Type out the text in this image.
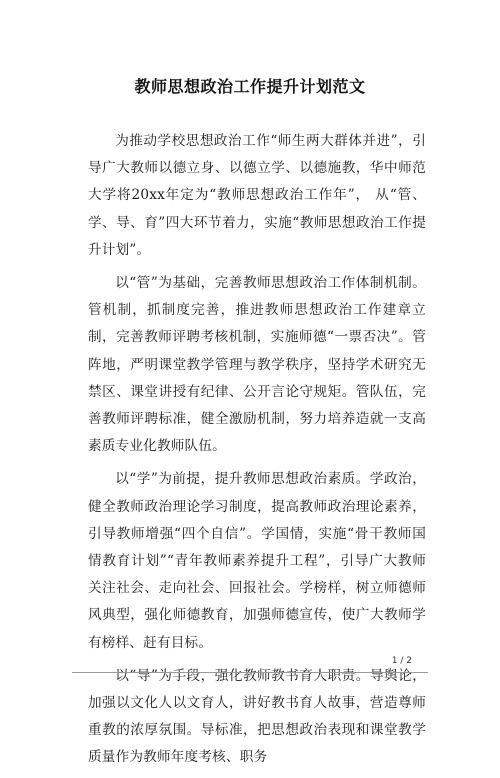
教师思想政治工作提升计划范文

为推动学校思想政治工作“师生两大群体并进”，引导广大教师以德立身、以德立学、以德施教，华中师范大学将20xx年定为“教师思想政治工作年”， 从“管、学、导、育”四大环节着力，实施“教师思想政治工作提升计划”。

以“管”为基础，完善教师思想政治工作体制机制。管机制，抓制度完善，推进教师思想政治工作建章立制，完善教师评聘考核机制，实施师德“一票否决”。管阵地，严明课堂教学管理与教学秩序，坚持学术研究无禁区、课堂讲授有纪律、公开言论守规矩。管队伍，完善教师评聘标准，健全激励机制，努力培养造就一支高素质专业化教师队伍。

以“学”为前提，提升教师思想政治素质。学政治，健全教师政治理论学习制度，提高教师政治理论素养，引导教师增强“四个自信”。学国情，实施“骨干教师国情教育计划”“青年教师素养提升工程”，引导广大教师关注社会、走向社会、回报社会。学榜样，树立师德师风典型，强化师德教育，加强师德宣传，使广大教师学有榜样、赶有目标。

以“导”为手段，强化教师教书育人职责。导舆论，加强以文化人以文育人，讲好教书育人故事，营造尊师重教的浓厚氛围。导标准，把思想政治表现和课堂教学质量作为教师年度考核、职务

1 / 2
